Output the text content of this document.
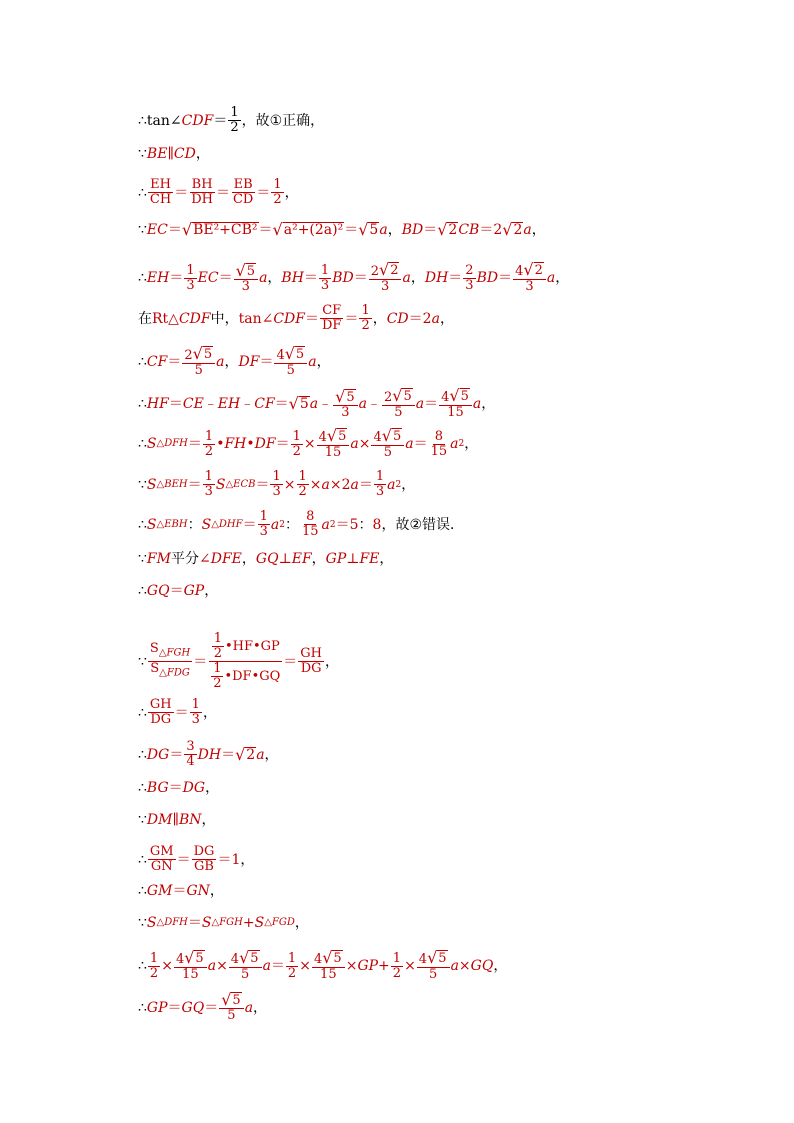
∴ tan ∠ CDF ＝ $\frac{1}{2}$ ， 故 ① 正确 ，
∵ BE ∥ CD ，
∴ $\frac{EH}{CH} = \frac{BH}{DH} = \frac{EB}{CD} = \frac{1}{2}$ ，
∵ EC ＝ √ BE²+CB² ＝ √ a²+(2a)² ＝ √ 5 a ， BD ＝ √ 2 CB ＝ 2 √ 2 a ，
∴ EH ＝ $\frac{1}{3}$ EC ＝ $\frac{√ 5}{3}$ a ， BH ＝ $\frac{1}{3}$ BD ＝ $\frac{2 √ 2}{3}$ a ， DH ＝ $\frac{2}{3}$ BD ＝ $\frac{4 √ 2}{3}$ a ，
在 Rt△ CDF 中 ， tan ∠ CDF ＝ $\frac{CF}{DF} = \frac{1}{2}$ ， CD ＝ 2 a ，
∴ CF ＝ $\frac{2 √ 5}{5}$ a ， DF ＝ $\frac{4 √ 5}{5}$ a ，
∴ HF ＝ CE ﹣ EH ﹣ CF ＝ √ 5 a ﹣ $\frac{√ 5}{3}$ a ﹣ $\frac{2 √ 5}{5}$ $a = \frac{4 √ 5}{15}$ a ，
∴ S △DFH ＝ $\frac{1}{2}$ • FH • DF ＝ $\frac{1}{2} \times \frac{4 √ 5}{15}$ $a \times \frac{4 √ 5}{5}$ $a = \frac{8}{15}$ a 2 ，
∵ S △BEH ＝ $\frac{1}{3}$ S △ECB ＝ $\frac{1}{3} \times \frac{1}{2} \times a \times 2$ $a = \frac{1}{3}$ a 2 ，
∴ S △EBH ： S △DHF ＝ $\frac{1}{3}$ a 2 ： $\frac{8}{15}$ a 2 ＝ 5 ： 8 ， 故 ② 错误 ．
∵ FM 平分 ∠ DFE ， GQ ⊥ EF ， GP ⊥ FE ，
∴ GQ ＝ GP ，
∵ $\frac{S_{\triangle FGH}}{S_{\triangle FDG}} = \frac{\frac{1}{2} •HF•GP}{\frac{1}{2} •DF•GQ} = \frac{GH}{DG}$ ，
∴ $\frac{GH}{DG} = \frac{1}{3}$ ，
∴ DG ＝ $\frac{3}{4}$ DH ＝ √ 2 a ，
∴ BG ＝ DG ，
∵ DM ∥ BN ，
∴ $\frac{GM}{GN} = \frac{DG}{GB} = 1$ ，
∴ GM ＝ GN ，
∵ S △DFH ＝ S △FGH + S △FGD ，
∴ $\frac{1}{2} \times \frac{4 √ 5}{15}$ $a \times \frac{4 √ 5}{5}$ $a = \frac{1}{2} \times \frac{4 √ 5}{15}$ × GP + $\frac{1}{2} \times \frac{4 √ 5}{5}$ a × GQ ，
∴ GP ＝ GQ ＝ $\frac{√ 5}{5}$ a ，
